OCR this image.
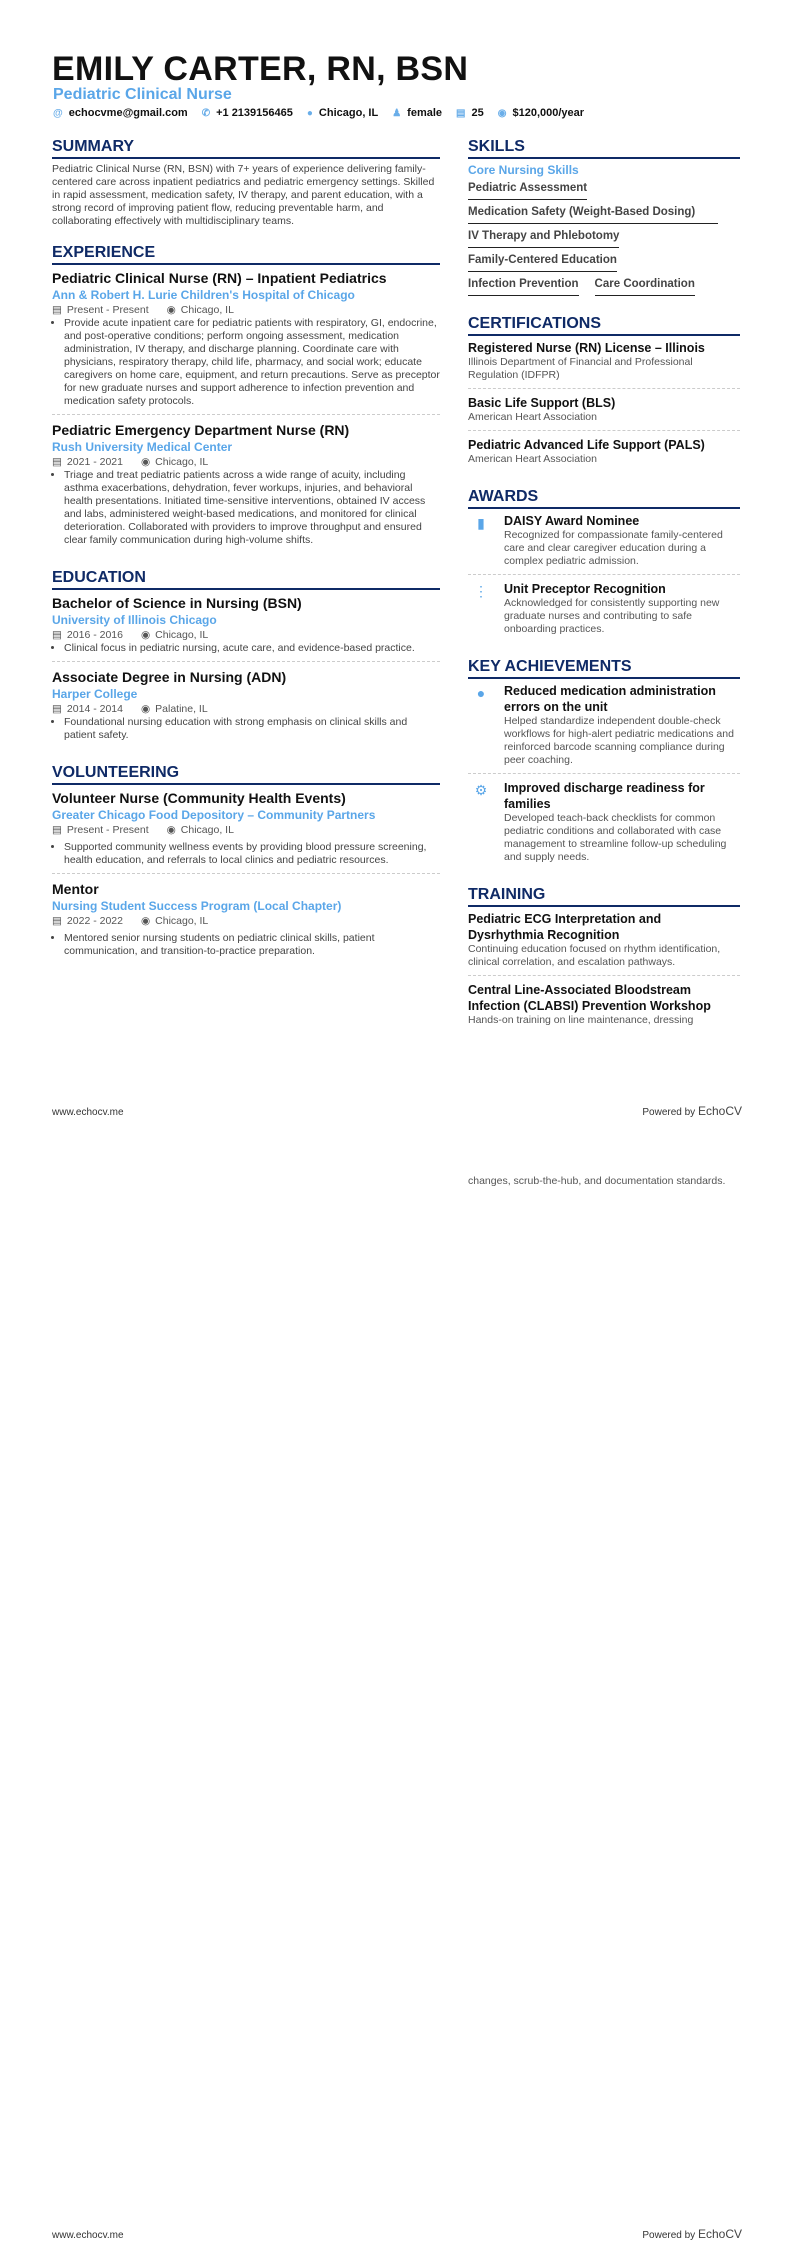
EMILY CARTER, RN, BSN
Pediatric Clinical Nurse
@ echocvme@gmail.com ✆ +1 2139156465 ● Chicago, IL ♟ female ▤ 25 ◉ $120,000/year
SUMMARY
Pediatric Clinical Nurse (RN, BSN) with 7+ years of experience delivering family-centered care across inpatient pediatrics and pediatric emergency settings. Skilled in rapid assessment, medication safety, IV therapy, and parent education, with a strong record of improving patient flow, reducing preventable harm, and collaborating effectively with multidisciplinary teams.
EXPERIENCE
Pediatric Clinical Nurse (RN) – Inpatient Pediatrics
Ann & Robert H. Lurie Children's Hospital of Chicago
▤ Present - Present ◉ Chicago, IL
• Provide acute inpatient care for pediatric patients with respiratory, GI, endocrine, and post-operative conditions; perform ongoing assessment, medication administration, IV therapy, and discharge planning. Coordinate care with physicians, respiratory therapy, child life, pharmacy, and social work; educate caregivers on home care, equipment, and return precautions. Serve as preceptor for new graduate nurses and support adherence to infection prevention and medication safety protocols.
Pediatric Emergency Department Nurse (RN)
Rush University Medical Center
▤ 2021 - 2021 ◉ Chicago, IL
• Triage and treat pediatric patients across a wide range of acuity, including asthma exacerbations, dehydration, fever workups, injuries, and behavioral health presentations. Initiated time-sensitive interventions, obtained IV access and labs, administered weight-based medications, and monitored for clinical deterioration. Collaborated with providers to improve throughput and ensured clear family communication during high-volume shifts.
EDUCATION
Bachelor of Science in Nursing (BSN)
University of Illinois Chicago
▤ 2016 - 2016 ◉ Chicago, IL
• Clinical focus in pediatric nursing, acute care, and evidence-based practice.
Associate Degree in Nursing (ADN)
Harper College
▤ 2014 - 2014 ◉ Palatine, IL
• Foundational nursing education with strong emphasis on clinical skills and patient safety.
VOLUNTEERING
Volunteer Nurse (Community Health Events)
Greater Chicago Food Depository – Community Partners
▤ Present - Present ◉ Chicago, IL
• Supported community wellness events by providing blood pressure screening, health education, and referrals to local clinics and pediatric resources.
Mentor
Nursing Student Success Program (Local Chapter)
▤ 2022 - 2022 ◉ Chicago, IL
• Mentored senior nursing students on pediatric clinical skills, patient communication, and transition-to-practice preparation.
SKILLS
Core Nursing Skills
Pediatric Assessment
Medication Safety (Weight-Based Dosing)
IV Therapy and Phlebotomy
Family-Centered Education
Infection Prevention Care Coordination
CERTIFICATIONS
Registered Nurse (RN) License – Illinois
Illinois Department of Financial and Professional Regulation (IDFPR)
Basic Life Support (BLS)
American Heart Association
Pediatric Advanced Life Support (PALS)
American Heart Association
AWARDS
▮	DAISY Award Nominee
Recognized for compassionate family-centered care and clear caregiver education during a complex pediatric admission.
⋮	Unit Preceptor Recognition
Acknowledged for consistently supporting new graduate nurses and contributing to safe onboarding practices.
KEY ACHIEVEMENTS
●	Reduced medication administration errors on the unit
Helped standardize independent double-check workflows for high-alert pediatric medications and reinforced barcode scanning compliance during peer coaching.
⚙	Improved discharge readiness for families
Developed teach-back checklists for common pediatric conditions and collaborated with case management to streamline follow-up scheduling and supply needs.
TRAINING
Pediatric ECG Interpretation and Dysrhythmia Recognition
Continuing education focused on rhythm identification, clinical correlation, and escalation pathways.
Central Line-Associated Bloodstream Infection (CLABSI) Prevention Workshop
Hands-on training on line maintenance, dressing
www.echocv.me	Powered by EchoCV
changes, scrub-the-hub, and documentation standards.
www.echocv.me	Powered by EchoCV
